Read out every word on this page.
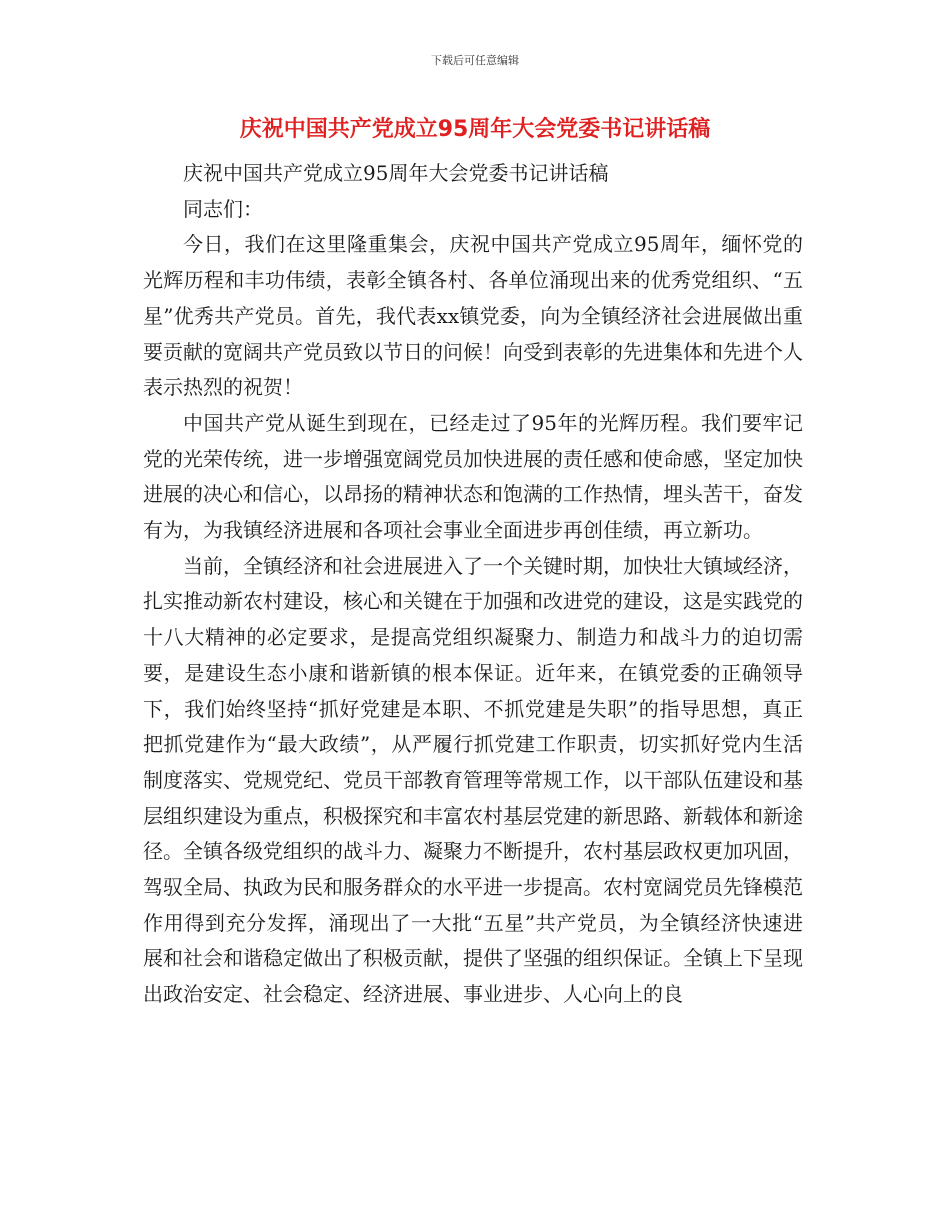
下载后可任意编辑
庆祝中国共产党成立95周年大会党委书记讲话稿

庆祝中国共产党成立95周年大会党委书记讲话稿

同志们：

今日，我们在这里隆重集会，庆祝中国共产党成立95周年，缅怀党的光辉历程和丰功伟绩，表彰全镇各村、各单位涌现出来的优秀党组织、“五星”优秀共产党员。首先，我代表xx镇党委，向为全镇经济社会进展做出重要贡献的宽阔共产党员致以节日的问候！向受到表彰的先进集体和先进个人表示热烈的祝贺！

中国共产党从诞生到现在，已经走过了95年的光辉历程。我们要牢记党的光荣传统，进一步增强宽阔党员加快进展的责任感和使命感，坚定加快进展的决心和信心，以昂扬的精神状态和饱满的工作热情，埋头苦干，奋发有为，为我镇经济进展和各项社会事业全面进步再创佳绩，再立新功。

当前，全镇经济和社会进展进入了一个关键时期，加快壮大镇域经济，扎实推动新农村建设，核心和关键在于加强和改进党的建设，这是实践党的十八大精神的必定要求，是提高党组织凝聚力、制造力和战斗力的迫切需要，是建设生态小康和谐新镇的根本保证。近年来，在镇党委的正确领导下，我们始终坚持“抓好党建是本职、不抓党建是失职”的指导思想，真正把抓党建作为“最大政绩”，从严履行抓党建工作职责，切实抓好党内生活制度落实、党规党纪、党员干部教育管理等常规工作，以干部队伍建设和基层组织建设为重点，积极探究和丰富农村基层党建的新思路、新载体和新途径。全镇各级党组织的战斗力、凝聚力不断提升，农村基层政权更加巩固，驾驭全局、执政为民和服务群众的水平进一步提高。农村宽阔党员先锋模范作用得到充分发挥，涌现出了一大批“五星”共产党员，为全镇经济快速进展和社会和谐稳定做出了积极贡献，提供了坚强的组织保证。全镇上下呈现出政治安定、社会稳定、经济进展、事业进步、人心向上的良
